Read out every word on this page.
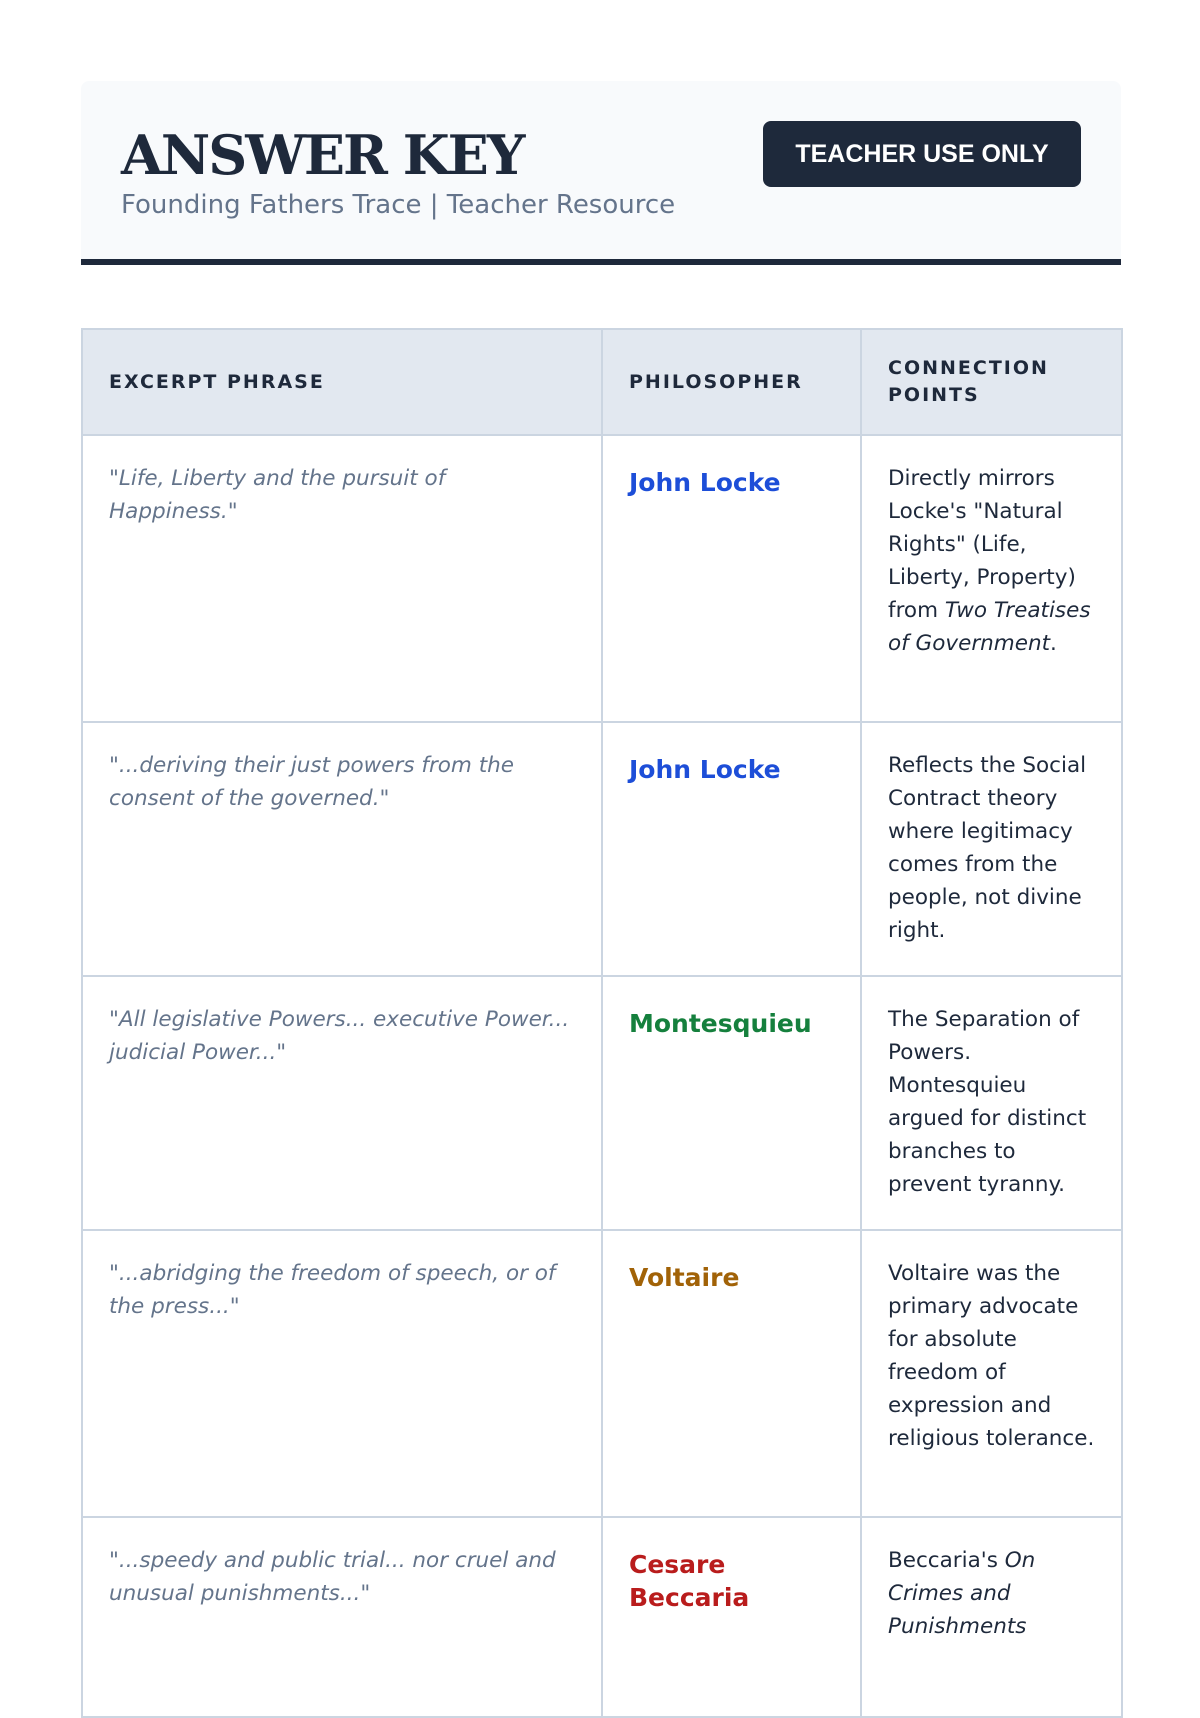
ANSWER KEY
Founding Fathers Trace | Teacher Resource
TEACHER USE ONLY
EXCERPT PHRASE	PHILOSOPHER	CONNECTION POINTS

"Life, Liberty and the pursuit of Happiness."	John Locke	Directly mirrors Locke's "Natural Rights" (Life, Liberty, Property) from Two Treatises of Government.

"...deriving their just powers from the consent of the governed."	John Locke	Reflects the Social Contract theory where legitimacy comes from the people, not divine right.

"All legislative Powers... executive Power... judicial Power..."	Montesquieu	The Separation of Powers. Montesquieu argued for distinct branches to prevent tyranny.

"...abridging the freedom of speech, or of the press..."	Voltaire	Voltaire was the primary advocate for absolute freedom of expression and religious tolerance.

"...speedy and public trial... nor cruel and unusual punishments..."	Cesare Beccaria	Beccaria's On Crimes and Punishments
